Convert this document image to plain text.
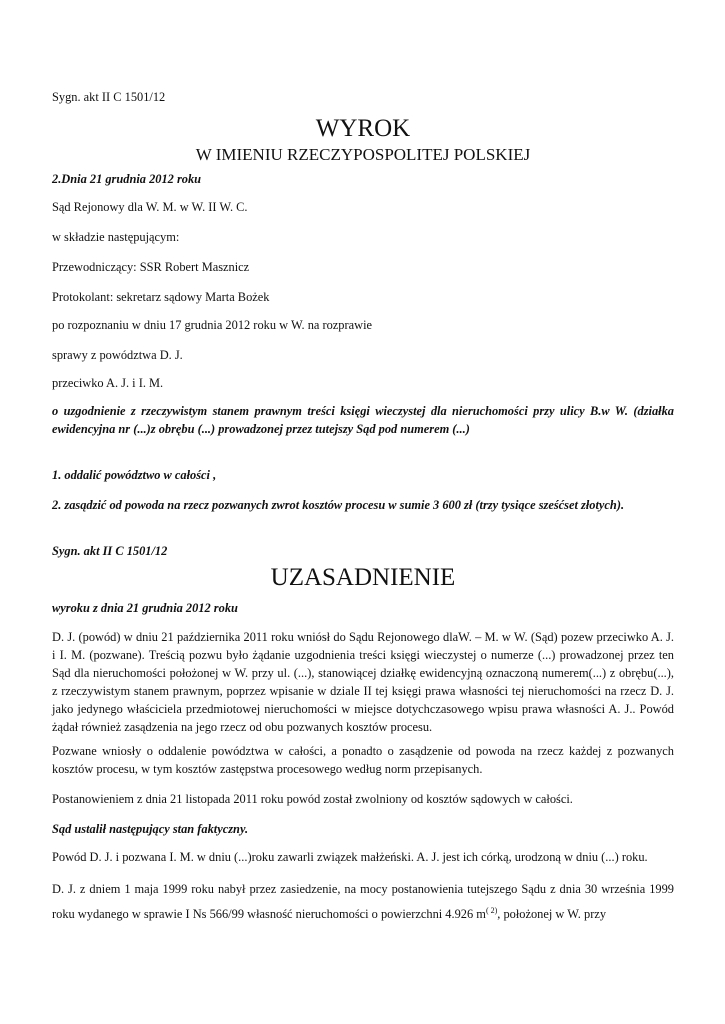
Sygn. akt II C 1501/12
WYROK
W IMIENIU RZECZYPOSPOLITEJ POLSKIEJ
2.Dnia 21 grudnia 2012 roku
Sąd Rejonowy dla W. M. w W. II W. C.
w składzie następującym:
Przewodniczący: SSR Robert Masznicz
Protokolant: sekretarz sądowy Marta Bożek
po rozpoznaniu w dniu 17 grudnia 2012 roku w W. na rozprawie
sprawy z powództwa D. J.
przeciwko A. J. i I. M.
o uzgodnienie z rzeczywistym stanem prawnym treści księgi wieczystej dla nieruchomości przy ulicy B.w W. (działka ewidencyjna nr (...)z obrębu (...) prowadzonej przez tutejszy Sąd pod numerem (...)
1. oddalić powództwo w całości ,
2. zasądzić od powoda na rzecz pozwanych zwrot kosztów procesu w sumie 3 600 zł (trzy tysiące sześćset złotych).
Sygn. akt II C 1501/12
UZASADNIENIE
wyroku z dnia 21 grudnia 2012 roku
D. J. (powód) w dniu 21 października 2011 roku wniósł do Sądu Rejonowego dlaW. – M. w W. (Sąd) pozew przeciwko A. J. i I. M. (pozwane). Treścią pozwu było żądanie uzgodnienia treści księgi wieczystej o numerze (...) prowadzonej przez ten Sąd dla nieruchomości położonej w W. przy ul. (...), stanowiącej działkę ewidencyjną oznaczoną numerem(...) z obrębu(...), z rzeczywistym stanem prawnym, poprzez wpisanie w dziale II tej księgi prawa własności tej nieruchomości na rzecz D. J. jako jedynego właściciela przedmiotowej nieruchomości w miejsce dotychczasowego wpisu prawa własności A. J.. Powód żądał również zasądzenia na jego rzecz od obu pozwanych kosztów procesu.
Pozwane wniosły o oddalenie powództwa w całości, a ponadto o zasądzenie od powoda na rzecz każdej z pozwanych kosztów procesu, w tym kosztów zastępstwa procesowego według norm przepisanych.
Postanowieniem z dnia 21 listopada 2011 roku powód został zwolniony od kosztów sądowych w całości.
Sąd ustalił następujący stan faktyczny.
Powód D. J. i pozwana I. M. w dniu (...)roku zawarli związek małżeński. A. J. jest ich córką, urodzoną w dniu (...) roku.
D. J. z dniem 1 maja 1999 roku nabył przez zasiedzenie, na mocy postanowienia tutejszego Sądu z dnia 30 września 1999 roku wydanego w sprawie I Ns 566/99 własność nieruchomości o powierzchni 4.926 $m^{( 2)}$, położonej w W. przy
